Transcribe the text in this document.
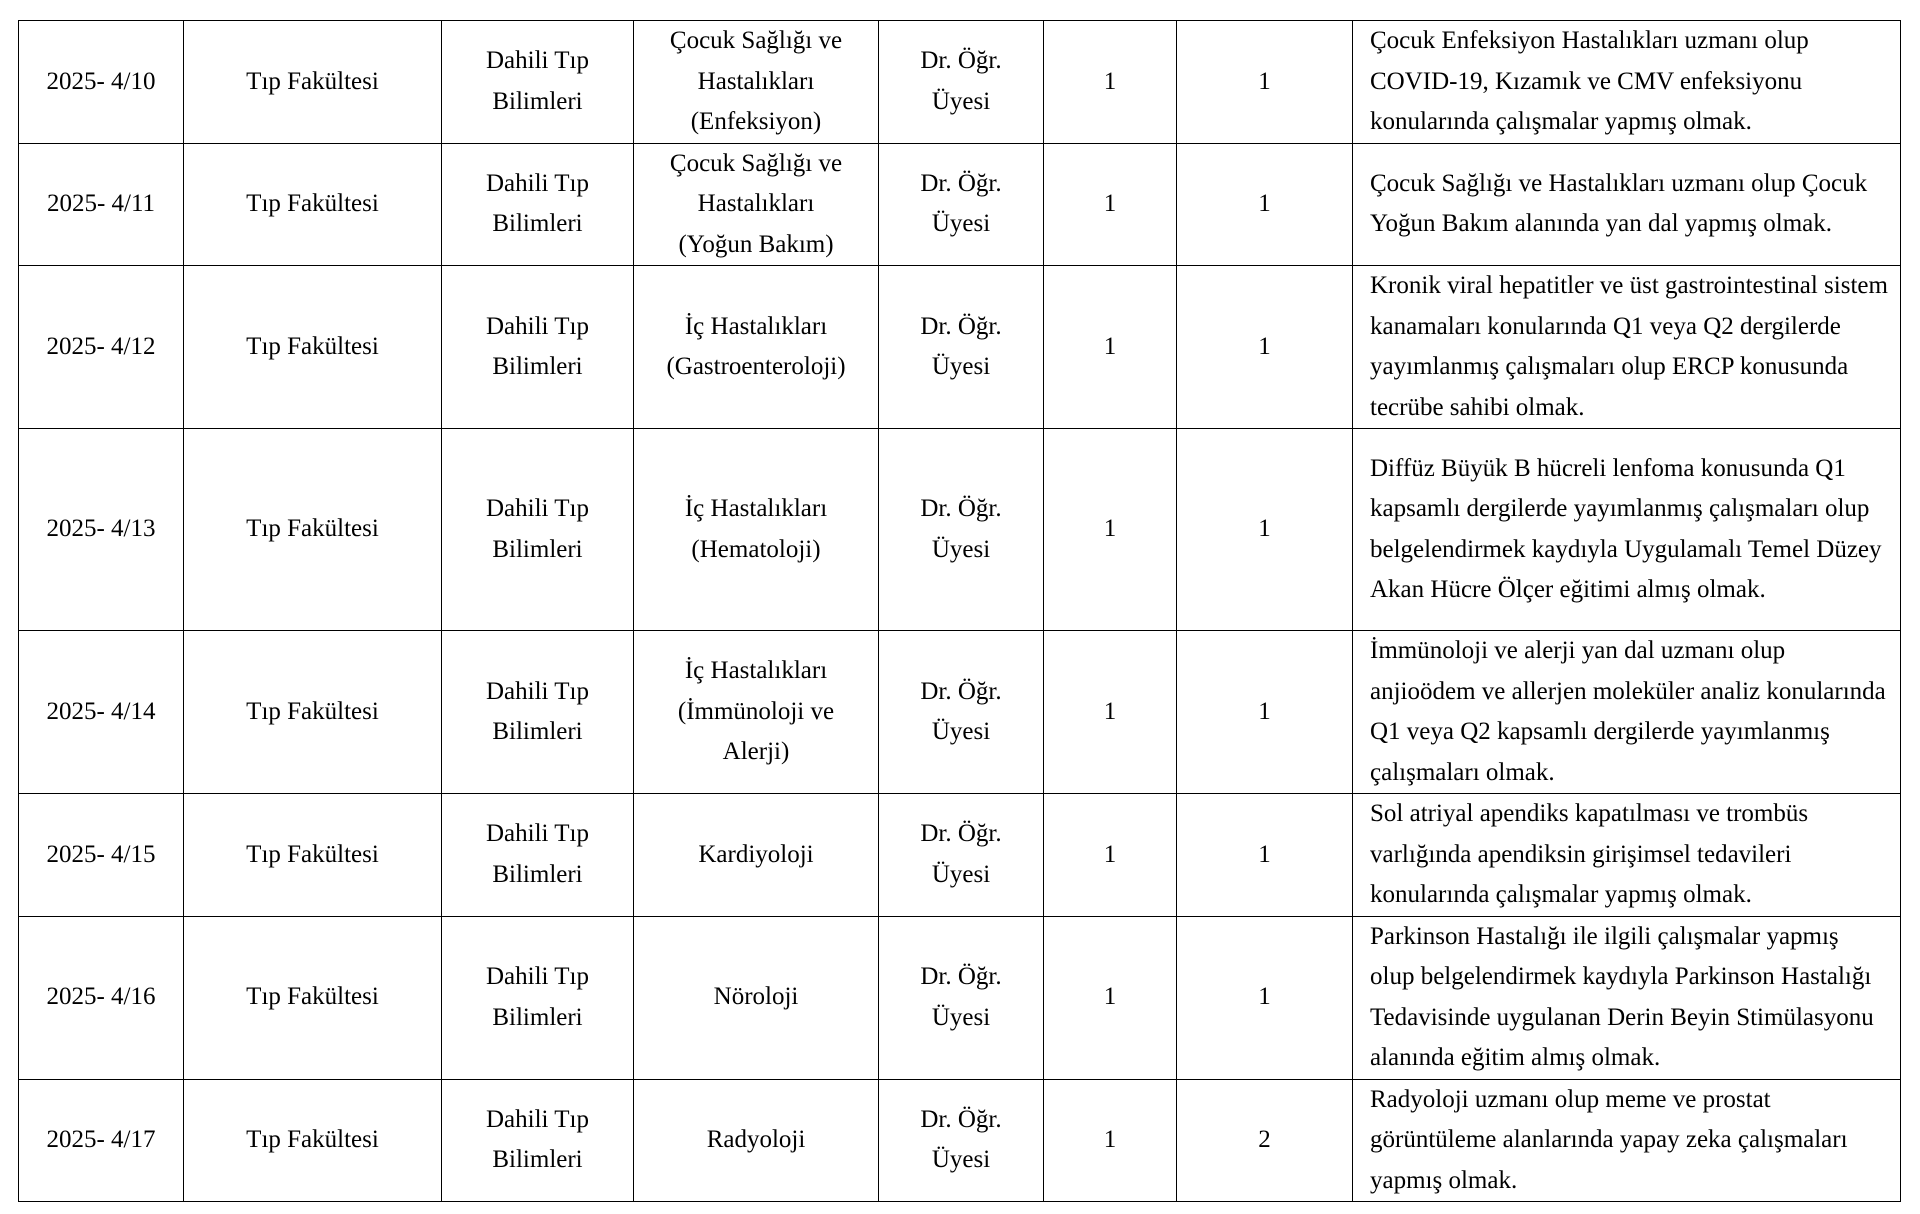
2025- 4/10	Tıp Fakültesi	Dahili Tıp Bilimleri	Çocuk Sağlığı ve Hastalıkları (Enfeksiyon)	Dr. Öğr. Üyesi	1	1	Çocuk Enfeksiyon Hastalıkları uzmanı olup COVID-19, Kızamık ve CMV enfeksiyonu konularında çalışmalar yapmış olmak.
2025- 4/11	Tıp Fakültesi	Dahili Tıp Bilimleri	Çocuk Sağlığı ve Hastalıkları (Yoğun Bakım)	Dr. Öğr. Üyesi	1	1	Çocuk Sağlığı ve Hastalıkları uzmanı olup Çocuk Yoğun Bakım alanında yan dal yapmış olmak.
2025- 4/12	Tıp Fakültesi	Dahili Tıp Bilimleri	İç Hastalıkları (Gastroenteroloji)	Dr. Öğr. Üyesi	1	1	Kronik viral hepatitler ve üst gastrointestinal sistem kanamaları konularında Q1 veya Q2 dergilerde yayımlanmış çalışmaları olup ERCP konusunda tecrübe sahibi olmak.
2025- 4/13	Tıp Fakültesi	Dahili Tıp Bilimleri	İç Hastalıkları (Hematoloji)	Dr. Öğr. Üyesi	1	1	Diffüz Büyük B hücreli lenfoma konusunda Q1 kapsamlı dergilerde yayımlanmış çalışmaları olup belgelendirmek kaydıyla Uygulamalı Temel Düzey Akan Hücre Ölçer eğitimi almış olmak.
2025- 4/14	Tıp Fakültesi	Dahili Tıp Bilimleri	İç Hastalıkları (İmmünoloji ve Alerji)	Dr. Öğr. Üyesi	1	1	İmmünoloji ve alerji yan dal uzmanı olup anjioödem ve allerjen moleküler analiz konularında Q1 veya Q2 kapsamlı dergilerde yayımlanmış çalışmaları olmak.
2025- 4/15	Tıp Fakültesi	Dahili Tıp Bilimleri	Kardiyoloji	Dr. Öğr. Üyesi	1	1	Sol atriyal apendiks kapatılması ve trombüs varlığında apendiksin girişimsel tedavileri konularında çalışmalar yapmış olmak.
2025- 4/16	Tıp Fakültesi	Dahili Tıp Bilimleri	Nöroloji	Dr. Öğr. Üyesi	1	1	Parkinson Hastalığı ile ilgili çalışmalar yapmış olup belgelendirmek kaydıyla Parkinson Hastalığı Tedavisinde uygulanan Derin Beyin Stimülasyonu alanında eğitim almış olmak.
2025- 4/17	Tıp Fakültesi	Dahili Tıp Bilimleri	Radyoloji	Dr. Öğr. Üyesi	1	2	Radyoloji uzmanı olup meme ve prostat görüntüleme alanlarında yapay zeka çalışmaları yapmış olmak.
